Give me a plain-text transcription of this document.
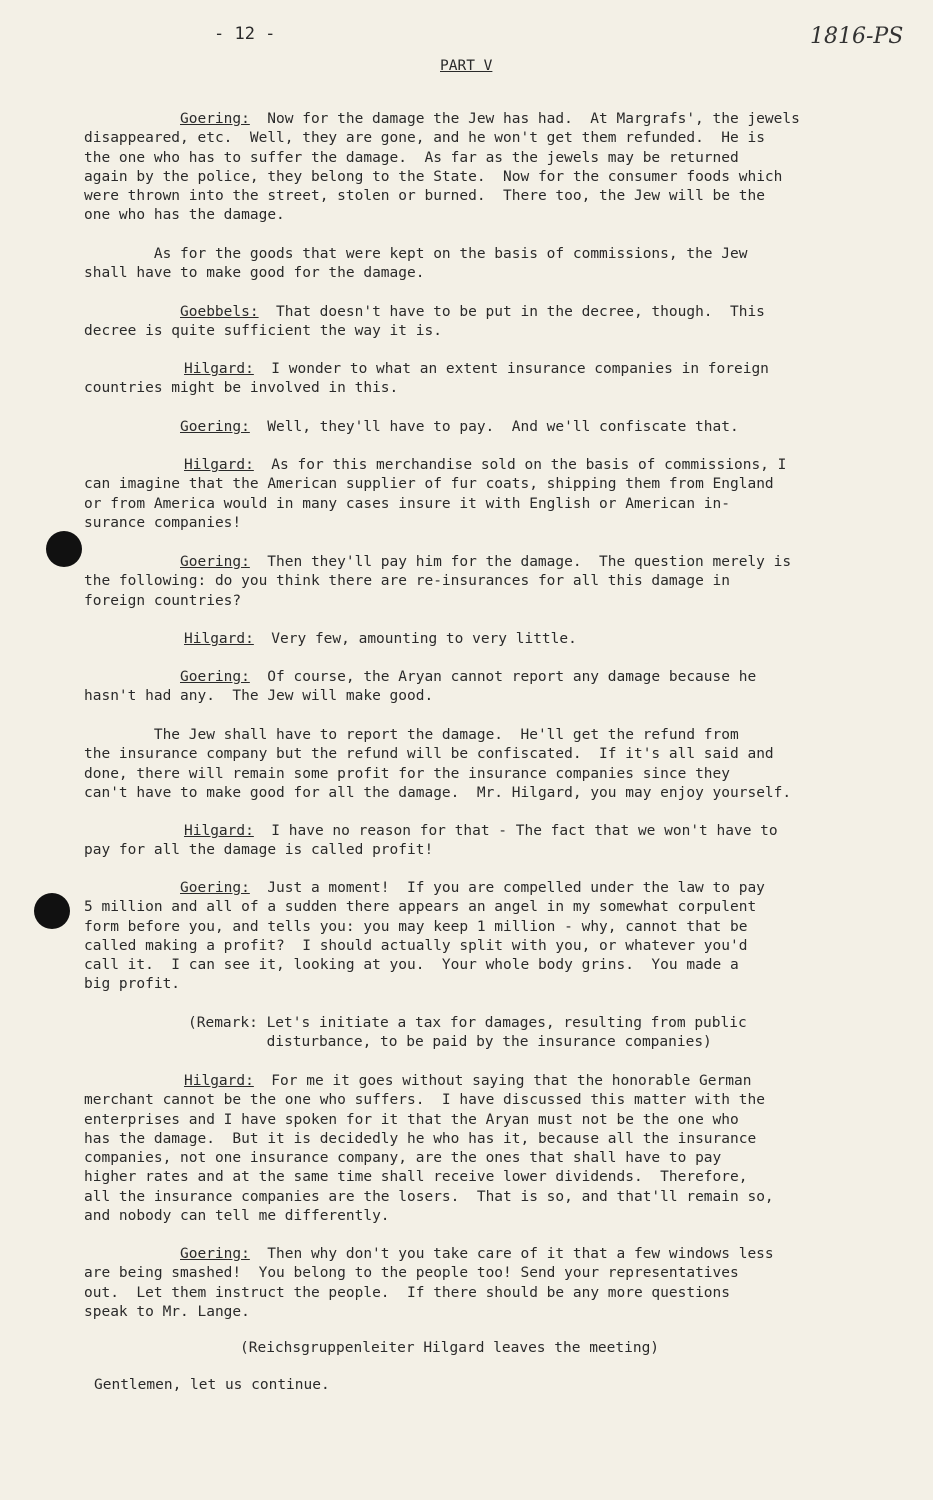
- 12 -	1816-PS
PART V
Goering:  Now for the damage the Jew has had.  At Margrafs', the jewels
disappeared, etc.  Well, they are gone, and he won't get them refunded.  He is
the one who has to suffer the damage.  As far as the jewels may be returned
again by the police, they belong to the State.  Now for the consumer foods which
were thrown into the street, stolen or burned.  There too, the Jew will be the
one who has the damage.
As for the goods that were kept on the basis of commissions, the Jew
shall have to make good for the damage.
Goebbels:  That doesn't have to be put in the decree, though.  This
decree is quite sufficient the way it is.
Hilgard:  I wonder to what an extent insurance companies in foreign
countries might be involved in this.
Goering:  Well, they'll have to pay.  And we'll confiscate that.
Hilgard:  As for this merchandise sold on the basis of commissions, I
can imagine that the American supplier of fur coats, shipping them from England
or from America would in many cases insure it with English or American in-
surance companies!
Goering:  Then they'll pay him for the damage.  The question merely is
the following: do you think there are re-insurances for all this damage in
foreign countries?
Hilgard:  Very few, amounting to very little.
Goering:  Of course, the Aryan cannot report any damage because he
hasn't had any.  The Jew will make good.
The Jew shall have to report the damage.  He'll get the refund from
the insurance company but the refund will be confiscated.  If it's all said and
done, there will remain some profit for the insurance companies since they
can't have to make good for all the damage.  Mr. Hilgard, you may enjoy yourself.
Hilgard:  I have no reason for that - The fact that we won't have to
pay for all the damage is called profit!
Goering:  Just a moment!  If you are compelled under the law to pay
5 million and all of a sudden there appears an angel in my somewhat corpulent
form before you, and tells you: you may keep 1 million - why, cannot that be
called making a profit?  I should actually split with you, or whatever you'd
call it.  I can see it, looking at you.  Your whole body grins.  You made a
big profit.
(Remark: Let's initiate a tax for damages, resulting from public
disturbance, to be paid by the insurance companies)
Hilgard:  For me it goes without saying that the honorable German
merchant cannot be the one who suffers.  I have discussed this matter with the
enterprises and I have spoken for it that the Aryan must not be the one who
has the damage.  But it is decidedly he who has it, because all the insurance
companies, not one insurance company, are the ones that shall have to pay
higher rates and at the same time shall receive lower dividends.  Therefore,
all the insurance companies are the losers.  That is so, and that'll remain so,
and nobody can tell me differently.
Goering:  Then why don't you take care of it that a few windows less
are being smashed!  You belong to the people too! Send your representatives
out.  Let them instruct the people.  If there should be any more questions
speak to Mr. Lange.
(Reichsgruppenleiter Hilgard leaves the meeting)
Gentlemen, let us continue.
